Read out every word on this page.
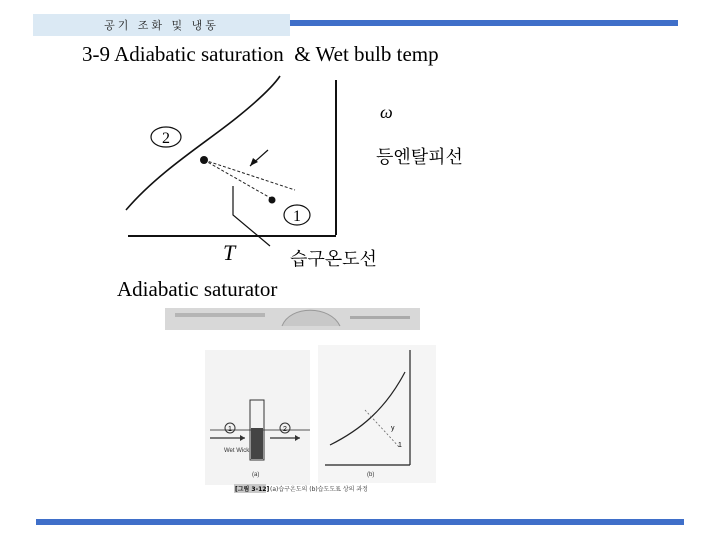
공기 조화 및 냉동
3-9 Adiabatic saturation  & Wet bulb temp
2
1
ω
T
등엔탈피선
습구온도선
Adiabatic saturator
1	2
Wet Wick
(a)
y
1
(b)
[그림 3-12] (a)습구온도의 (b)습도도표 상의 과정
